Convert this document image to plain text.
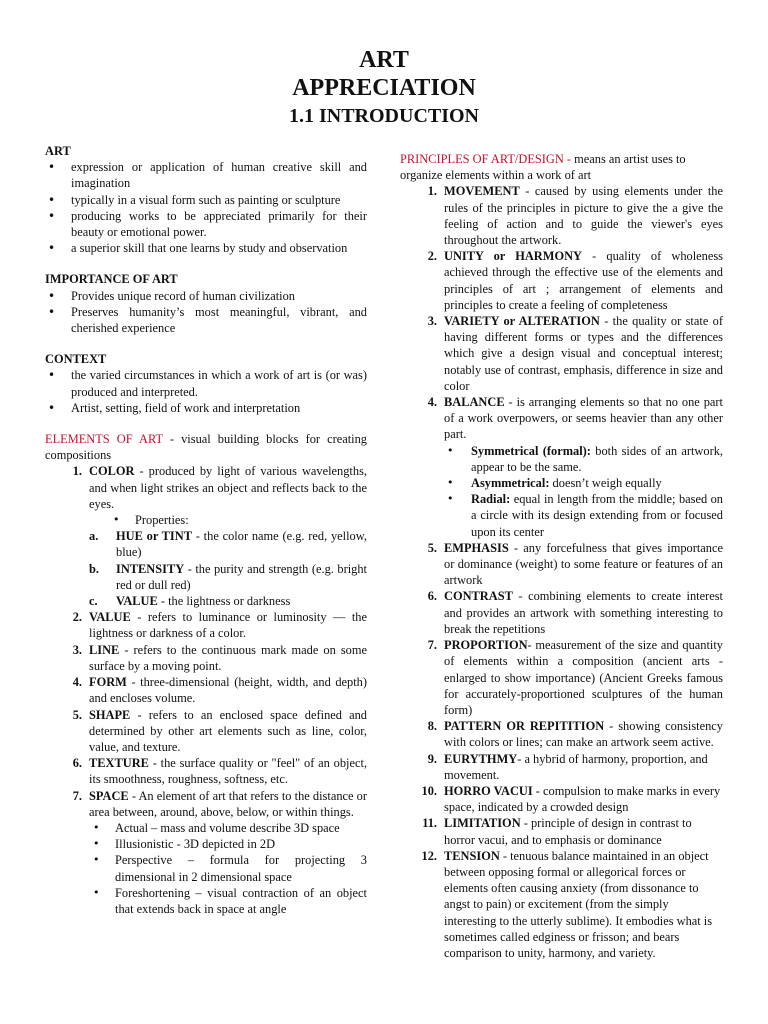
ART
APPRECIATION
1.1 INTRODUCTION
ART
• expression or application of human creative skill and imagination
• typically in a visual form such as painting or sculpture
• producing works to be appreciated primarily for their beauty or emotional power.
• a superior skill that one learns by study and observation
IMPORTANCE OF ART
• Provides unique record of human civilization
• Preserves humanity’s most meaningful, vibrant, and cherished experience
CONTEXT
• the varied circumstances in which a work of art is (or was) produced and interpreted.
• Artist, setting, field of work and interpretation

ELEMENTS OF ART - visual building blocks for creating compositions

1. COLOR - produced by light of various wavelengths, and when light strikes an object and reflects back to the eyes.
• Properties:
a. HUE or TINT - the color name (e.g. red, yellow, blue)
b. INTENSITY - the purity and strength (e.g. bright red or dull red)
c. VALUE - the lightness or darkness
2. VALUE - refers to luminance or luminosity — the lightness or darkness of a color.
3. LINE - refers to the continuous mark made on some surface by a moving point.
4. FORM - three-dimensional (height, width, and depth) and encloses volume.
5. SHAPE - refers to an enclosed space defined and determined by other art elements such as line, color, value, and texture.
6. TEXTURE - the surface quality or "feel" of an object, its smoothness, roughness, softness, etc.
7. SPACE - An element of art that refers to the distance or area between, around, above, below, or within things.
• Actual – mass and volume describe 3D space
• Illusionistic - 3D depicted in 2D
• Perspective – formula for projecting 3 dimensional in 2 dimensional space
• Foreshortening – visual contraction of an object that extends back in space at angle

PRINCIPLES OF ART/DESIGN - means an artist uses to organize elements within a work of art

1. MOVEMENT - caused by using elements under the rules of the principles in picture to give the a give the feeling of action and to guide the viewer's eyes throughout the artwork.
2. UNITY or HARMONY - quality of wholeness achieved through the effective use of the elements and principles of art ; arrangement of elements and principles to create a feeling of completeness
3. VARIETY or ALTERATION - the quality or state of having different forms or types and the differences which give a design visual and conceptual interest; notably use of contrast, emphasis, difference in size and color
4. BALANCE - is arranging elements so that no one part of a work overpowers, or seems heavier than any other part.
• Symmetrical (formal): both sides of an artwork, appear to be the same.
• Asymmetrical: doesn’t weigh equally
• Radial: equal in length from the middle; based on a circle with its design extending from or focused upon its center
5. EMPHASIS - any forcefulness that gives importance or dominance (weight) to some feature or features of an artwork
6. CONTRAST - combining elements to create interest and provides an artwork with something interesting to break the repetitions
7. PROPORTION- measurement of the size and quantity of elements within a composition (ancient arts - enlarged to show importance) (Ancient Greeks famous for accurately-proportioned sculptures of the human form)
8. PATTERN OR REPITITION - showing consistency with colors or lines; can make an artwork seem active.
9. EURYTHMY- a hybrid of harmony, proportion, and movement.
10. HORRO VACUI - compulsion to make marks in every space, indicated by a crowded design
11. LIMITATION - principle of design in contrast to horror vacui, and to emphasis or dominance
12. TENSION - tenuous balance maintained in an object between opposing formal or allegorical forces or elements often causing anxiety (from dissonance to angst to pain) or excitement (from the simply interesting to the utterly sublime). It embodies what is sometimes called edginess or frisson; and bears comparison to unity, harmony, and variety.
